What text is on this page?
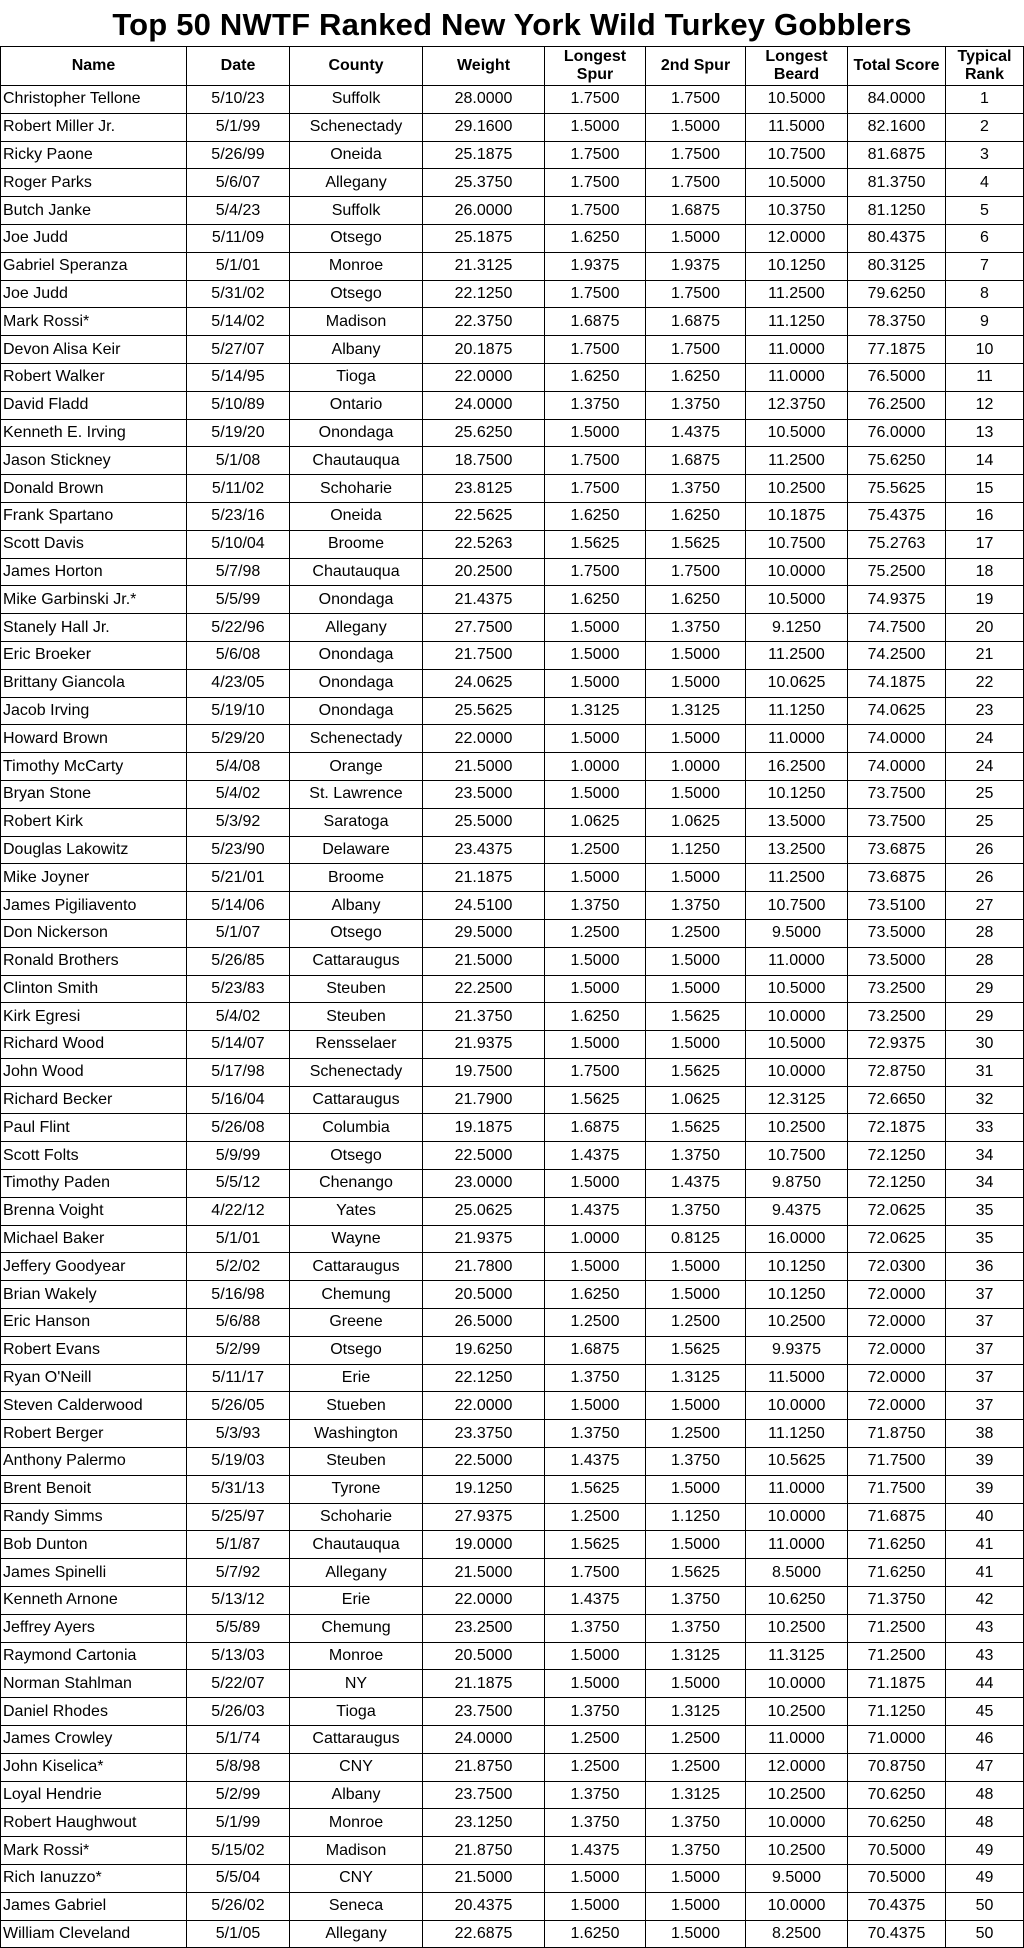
Top 50 NWTF Ranked New York Wild Turkey Gobblers
Name	Date	County	Weight	Longest Spur	2nd Spur	Longest Beard	Total Score	Typical Rank
Christopher Tellone	5/10/23	Suffolk	28.0000	1.7500	1.7500	10.5000	84.0000	1
Robert Miller Jr.	5/1/99	Schenectady	29.1600	1.5000	1.5000	11.5000	82.1600	2
Ricky Paone	5/26/99	Oneida	25.1875	1.7500	1.7500	10.7500	81.6875	3
Roger Parks	5/6/07	Allegany	25.3750	1.7500	1.7500	10.5000	81.3750	4
Butch Janke	5/4/23	Suffolk	26.0000	1.7500	1.6875	10.3750	81.1250	5
Joe Judd	5/11/09	Otsego	25.1875	1.6250	1.5000	12.0000	80.4375	6
Gabriel Speranza	5/1/01	Monroe	21.3125	1.9375	1.9375	10.1250	80.3125	7
Joe Judd	5/31/02	Otsego	22.1250	1.7500	1.7500	11.2500	79.6250	8
Mark Rossi*	5/14/02	Madison	22.3750	1.6875	1.6875	11.1250	78.3750	9
Devon Alisa Keir	5/27/07	Albany	20.1875	1.7500	1.7500	11.0000	77.1875	10
Robert Walker	5/14/95	Tioga	22.0000	1.6250	1.6250	11.0000	76.5000	11
David Fladd	5/10/89	Ontario	24.0000	1.3750	1.3750	12.3750	76.2500	12
Kenneth E. Irving	5/19/20	Onondaga	25.6250	1.5000	1.4375	10.5000	76.0000	13
Jason Stickney	5/1/08	Chautauqua	18.7500	1.7500	1.6875	11.2500	75.6250	14
Donald Brown	5/11/02	Schoharie	23.8125	1.7500	1.3750	10.2500	75.5625	15
Frank Spartano	5/23/16	Oneida	22.5625	1.6250	1.6250	10.1875	75.4375	16
Scott Davis	5/10/04	Broome	22.5263	1.5625	1.5625	10.7500	75.2763	17
James Horton	5/7/98	Chautauqua	20.2500	1.7500	1.7500	10.0000	75.2500	18
Mike Garbinski Jr.*	5/5/99	Onondaga	21.4375	1.6250	1.6250	10.5000	74.9375	19
Stanely Hall Jr.	5/22/96	Allegany	27.7500	1.5000	1.3750	9.1250	74.7500	20
Eric Broeker	5/6/08	Onondaga	21.7500	1.5000	1.5000	11.2500	74.2500	21
Brittany Giancola	4/23/05	Onondaga	24.0625	1.5000	1.5000	10.0625	74.1875	22
Jacob Irving	5/19/10	Onondaga	25.5625	1.3125	1.3125	11.1250	74.0625	23
Howard Brown	5/29/20	Schenectady	22.0000	1.5000	1.5000	11.0000	74.0000	24
Timothy McCarty	5/4/08	Orange	21.5000	1.0000	1.0000	16.2500	74.0000	24
Bryan Stone	5/4/02	St. Lawrence	23.5000	1.5000	1.5000	10.1250	73.7500	25
Robert Kirk	5/3/92	Saratoga	25.5000	1.0625	1.0625	13.5000	73.7500	25
Douglas Lakowitz	5/23/90	Delaware	23.4375	1.2500	1.1250	13.2500	73.6875	26
Mike Joyner	5/21/01	Broome	21.1875	1.5000	1.5000	11.2500	73.6875	26
James Pigiliavento	5/14/06	Albany	24.5100	1.3750	1.3750	10.7500	73.5100	27
Don Nickerson	5/1/07	Otsego	29.5000	1.2500	1.2500	9.5000	73.5000	28
Ronald Brothers	5/26/85	Cattaraugus	21.5000	1.5000	1.5000	11.0000	73.5000	28
Clinton Smith	5/23/83	Steuben	22.2500	1.5000	1.5000	10.5000	73.2500	29
Kirk Egresi	5/4/02	Steuben	21.3750	1.6250	1.5625	10.0000	73.2500	29
Richard Wood	5/14/07	Rensselaer	21.9375	1.5000	1.5000	10.5000	72.9375	30
John Wood	5/17/98	Schenectady	19.7500	1.7500	1.5625	10.0000	72.8750	31
Richard Becker	5/16/04	Cattaraugus	21.7900	1.5625	1.0625	12.3125	72.6650	32
Paul Flint	5/26/08	Columbia	19.1875	1.6875	1.5625	10.2500	72.1875	33
Scott Folts	5/9/99	Otsego	22.5000	1.4375	1.3750	10.7500	72.1250	34
Timothy Paden	5/5/12	Chenango	23.0000	1.5000	1.4375	9.8750	72.1250	34
Brenna Voight	4/22/12	Yates	25.0625	1.4375	1.3750	9.4375	72.0625	35
Michael Baker	5/1/01	Wayne	21.9375	1.0000	0.8125	16.0000	72.0625	35
Jeffery Goodyear	5/2/02	Cattaraugus	21.7800	1.5000	1.5000	10.1250	72.0300	36
Brian Wakely	5/16/98	Chemung	20.5000	1.6250	1.5000	10.1250	72.0000	37
Eric Hanson	5/6/88	Greene	26.5000	1.2500	1.2500	10.2500	72.0000	37
Robert Evans	5/2/99	Otsego	19.6250	1.6875	1.5625	9.9375	72.0000	37
Ryan O'Neill	5/11/17	Erie	22.1250	1.3750	1.3125	11.5000	72.0000	37
Steven Calderwood	5/26/05	Stueben	22.0000	1.5000	1.5000	10.0000	72.0000	37
Robert Berger	5/3/93	Washington	23.3750	1.3750	1.2500	11.1250	71.8750	38
Anthony Palermo	5/19/03	Steuben	22.5000	1.4375	1.3750	10.5625	71.7500	39
Brent Benoit	5/31/13	Tyrone	19.1250	1.5625	1.5000	11.0000	71.7500	39
Randy Simms	5/25/97	Schoharie	27.9375	1.2500	1.1250	10.0000	71.6875	40
Bob Dunton	5/1/87	Chautauqua	19.0000	1.5625	1.5000	11.0000	71.6250	41
James Spinelli	5/7/92	Allegany	21.5000	1.7500	1.5625	8.5000	71.6250	41
Kenneth Arnone	5/13/12	Erie	22.0000	1.4375	1.3750	10.6250	71.3750	42
Jeffrey Ayers	5/5/89	Chemung	23.2500	1.3750	1.3750	10.2500	71.2500	43
Raymond Cartonia	5/13/03	Monroe	20.5000	1.5000	1.3125	11.3125	71.2500	43
Norman Stahlman	5/22/07	NY	21.1875	1.5000	1.5000	10.0000	71.1875	44
Daniel Rhodes	5/26/03	Tioga	23.7500	1.3750	1.3125	10.2500	71.1250	45
James Crowley	5/1/74	Cattaraugus	24.0000	1.2500	1.2500	11.0000	71.0000	46
John Kiselica*	5/8/98	CNY	21.8750	1.2500	1.2500	12.0000	70.8750	47
Loyal Hendrie	5/2/99	Albany	23.7500	1.3750	1.3125	10.2500	70.6250	48
Robert Haughwout	5/1/99	Monroe	23.1250	1.3750	1.3750	10.0000	70.6250	48
Mark Rossi*	5/15/02	Madison	21.8750	1.4375	1.3750	10.2500	70.5000	49
Rich Ianuzzo*	5/5/04	CNY	21.5000	1.5000	1.5000	9.5000	70.5000	49
James Gabriel	5/26/02	Seneca	20.4375	1.5000	1.5000	10.0000	70.4375	50
William Cleveland	5/1/05	Allegany	22.6875	1.6250	1.5000	8.2500	70.4375	50
